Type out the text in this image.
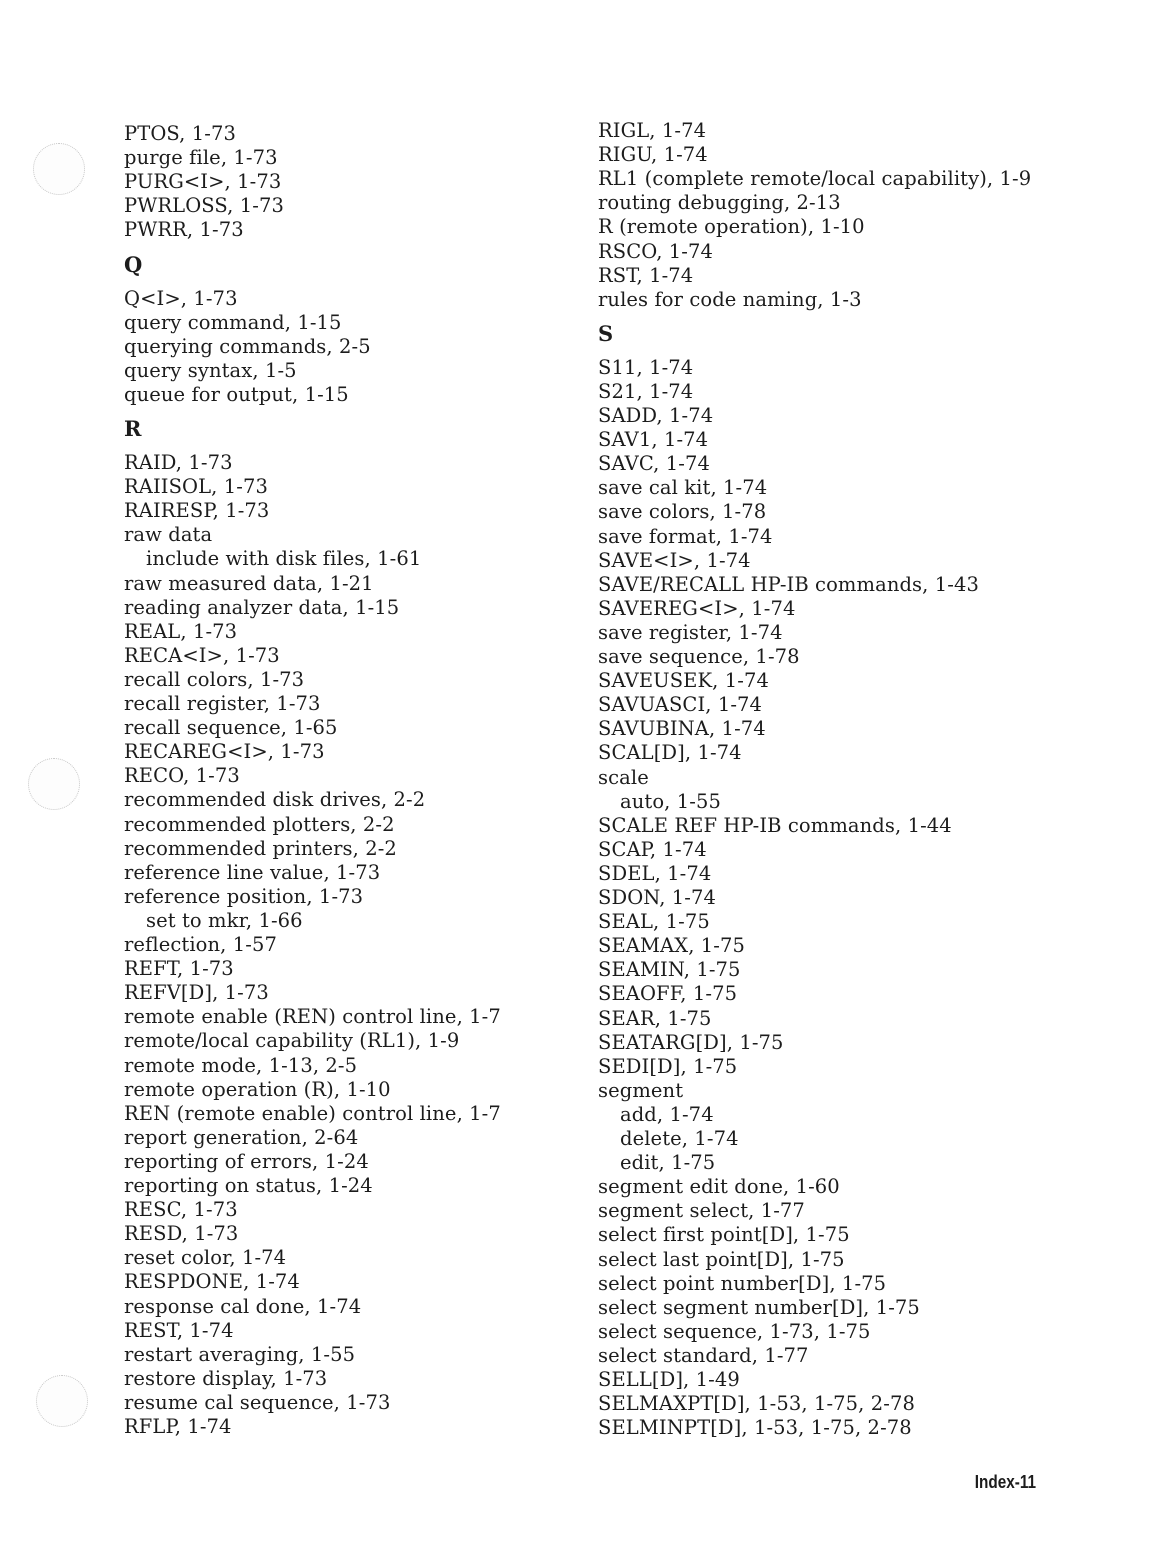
PTOS, 1-73
purge file, 1-73
PURG<I>, 1-73
PWRLOSS, 1-73
PWRR, 1-73
Q
Q<I>, 1-73
query command, 1-15
querying commands, 2-5
query syntax, 1-5
queue for output, 1-15
R
RAID, 1-73
RAIISOL, 1-73
RAIRESP, 1-73
raw data
include with disk files, 1-61
raw measured data, 1-21
reading analyzer data, 1-15
REAL, 1-73
RECA<I>, 1-73
recall colors, 1-73
recall register, 1-73
recall sequence, 1-65
RECAREG<I>, 1-73
RECO, 1-73
recommended disk drives, 2-2
recommended plotters, 2-2
recommended printers, 2-2
reference line value, 1-73
reference position, 1-73
set to mkr, 1-66
reflection, 1-57
REFT, 1-73
REFV[D], 1-73
remote enable (REN) control line, 1-7
remote/local capability (RL1), 1-9
remote mode, 1-13, 2-5
remote operation (R), 1-10
REN (remote enable) control line, 1-7
report generation, 2-64
reporting of errors, 1-24
reporting on status, 1-24
RESC, 1-73
RESD, 1-73
reset color, 1-74
RESPDONE, 1-74
response cal done, 1-74
REST, 1-74
restart averaging, 1-55
restore display, 1-73
resume cal sequence, 1-73
RFLP, 1-74
RIGL, 1-74
RIGU, 1-74
RL1 (complete remote/local capability), 1-9
routing debugging, 2-13
R (remote operation), 1-10
RSCO, 1-74
RST, 1-74
rules for code naming, 1-3
S
S11, 1-74
S21, 1-74
SADD, 1-74
SAV1, 1-74
SAVC, 1-74
save cal kit, 1-74
save colors, 1-78
save format, 1-74
SAVE<I>, 1-74
SAVE/RECALL HP-IB commands, 1-43
SAVEREG<I>, 1-74
save register, 1-74
save sequence, 1-78
SAVEUSEK, 1-74
SAVUASCI, 1-74
SAVUBINA, 1-74
SCAL[D], 1-74
scale
auto, 1-55
SCALE REF HP-IB commands, 1-44
SCAP, 1-74
SDEL, 1-74
SDON, 1-74
SEAL, 1-75
SEAMAX, 1-75
SEAMIN, 1-75
SEAOFF, 1-75
SEAR, 1-75
SEATARG[D], 1-75
SEDI[D], 1-75
segment
add, 1-74
delete, 1-74
edit, 1-75
segment edit done, 1-60
segment select, 1-77
select first point[D], 1-75
select last point[D], 1-75
select point number[D], 1-75
select segment number[D], 1-75
select sequence, 1-73, 1-75
select standard, 1-77
SELL[D], 1-49
SELMAXPT[D], 1-53, 1-75, 2-78
SELMINPT[D], 1-53, 1-75, 2-78
Index-11
